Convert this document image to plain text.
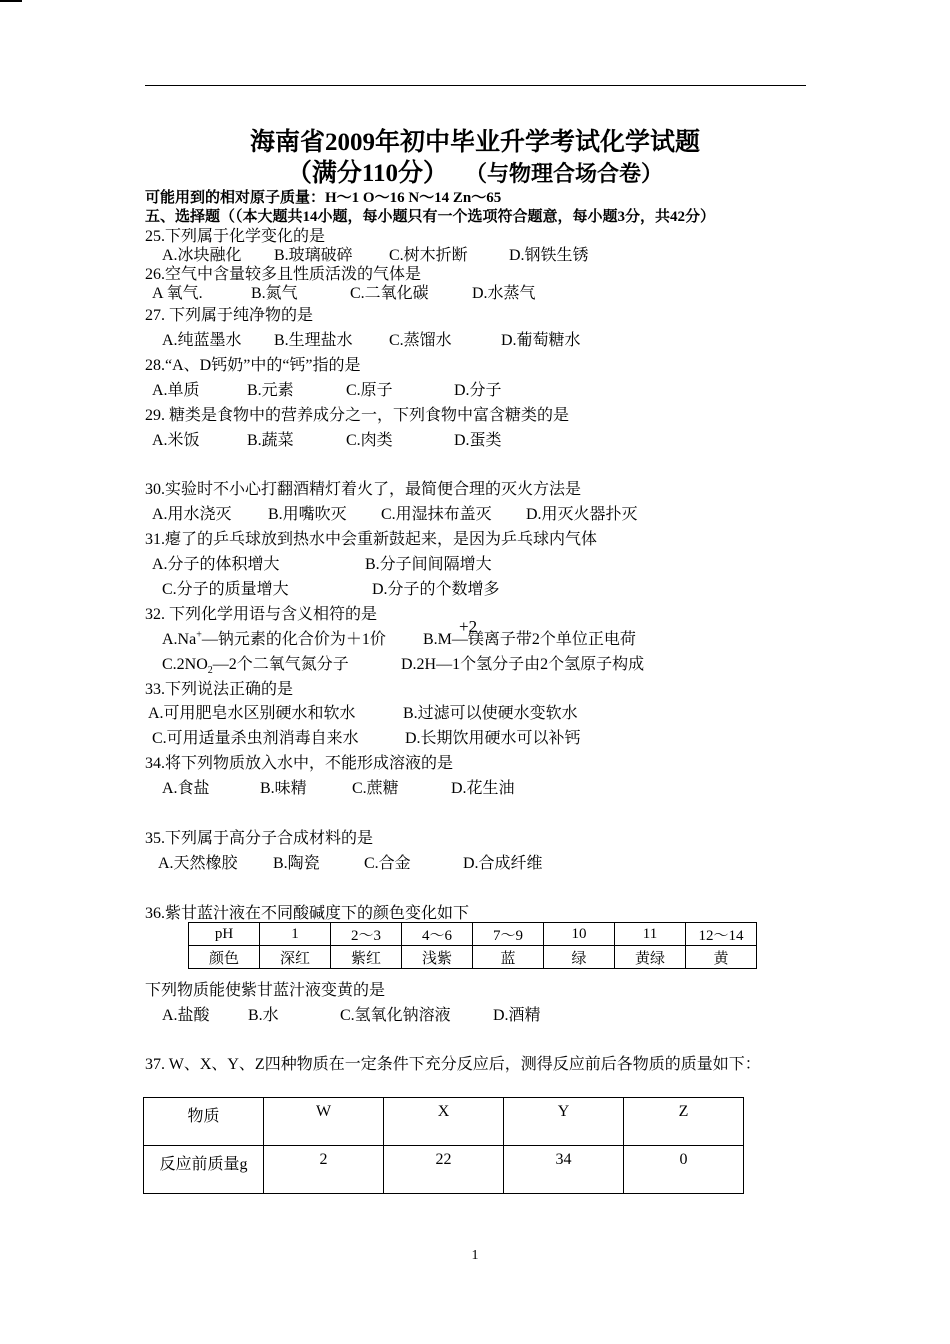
海南省2009年初中毕业升学考试化学试题
（满分110分） （与物理合场合卷）
可能用到的相对原子质量：H～1 O～16 N～14 Zn～65
五、选择题（（本大题共14小题，每小题只有一个选项符合题意，每小题3分，共42分）
25.下列属于化学变化的是
A.冰块融化 B.玻璃破碎 C.树木折断	D.钢铁生锈
26.空气中含量较多且性质活泼的气体是
A 氧气.	B.氮气	C.二氧化碳	D.水蒸气
27. 下列属于纯净物的是
A.纯蓝墨水 B.生理盐水 C.蒸馏水	D.葡萄糖水
28.“A、D钙奶”中的“钙”指的是
A.单质	B.元素	C.原子	D.分子
29. 糖类是食物中的营养成分之一，下列食物中富含糖类的是
A.米饭	B.蔬菜	C.肉类	D.蛋类
30.实验时不小心打翻酒精灯着火了，最简便合理的灭火方法是
A.用水浇灭 B.用嘴吹灭 C.用湿抹布盖灭 D.用灭火器扑灭
31.瘪了的乒乓球放到热水中会重新鼓起来，是因为乒乓球内气体
A.分子的体积增大	B.分子间间隔增大
C.分子的质量增大	D.分子的个数增多
32. 下列化学用语与含义相符的是
A.Na+—钠元素的化合价为＋1价 B.M
+2
—镁离子带2个单位正电荷
$C.2NO_2—2$个二氧气氮分子	D.2H—1个氢分子由2个氢原子构成
33.下列说法正确的是
A.可用肥皂水区别硬水和软水	B.过滤可以使硬水变软水
C.可用适量杀虫剂消毒自来水	D.长期饮用硬水可以补钙
34.将下列物质放入水中，不能形成溶液的是
A.食盐	B.味精	C.蔗糖	D.花生油
35.下列属于高分子合成材料的是
A.天然橡胶 B.陶瓷	C.合金	D.合成纤维
36.紫甘蓝汁液在不同酸碱度下的颜色变化如下
pH	1	2～3	4～6	7～9	10	11	12～14
颜色	深红	紫红	浅紫	蓝	绿	黄绿	黄
下列物质能使紫甘蓝汁液变黄的是
A.盐酸 B.水	C.氢氧化钠溶液	D.酒精
37. W、X、Y、Z四种物质在一定条件下充分反应后，测得反应前后各物质的质量如下：
物质	W	X	Y	Z
反应前质量g	2	22	34	0
1
